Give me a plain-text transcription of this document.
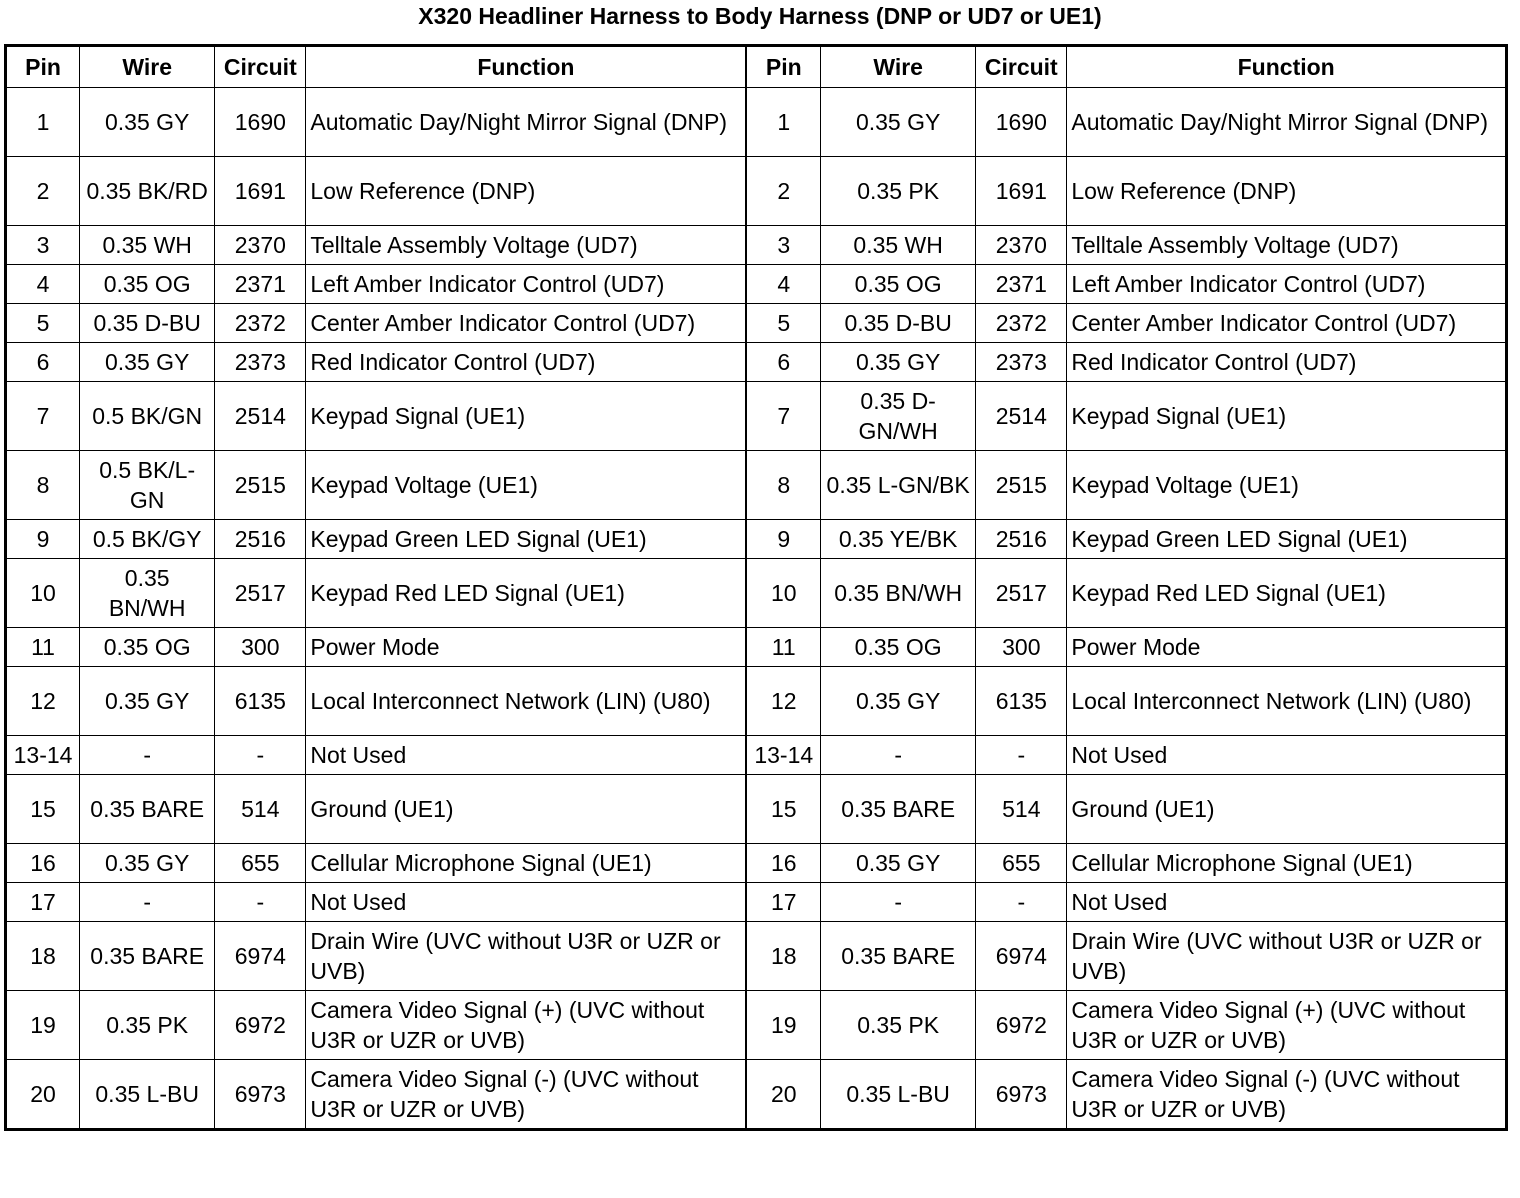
X320 Headliner Harness to Body Harness (DNP or UD7 or UE1)
Pin	Wire	Circuit	Function	Pin	Wire	Circuit	Function
1	0.35 GY	1690	Automatic Day/Night Mirror Signal (DNP)	1	0.35 GY	1690	Automatic Day/Night Mirror Signal (DNP)
2	0.35 BK/RD	1691	Low Reference (DNP)	2	0.35 PK	1691	Low Reference (DNP)
3	0.35 WH	2370	Telltale Assembly Voltage (UD7)	3	0.35 WH	2370	Telltale Assembly Voltage (UD7)
4	0.35 OG	2371	Left Amber Indicator Control (UD7)	4	0.35 OG	2371	Left Amber Indicator Control (UD7)
5	0.35 D-BU	2372	Center Amber Indicator Control (UD7)	5	0.35 D-BU	2372	Center Amber Indicator Control (UD7)
6	0.35 GY	2373	Red Indicator Control (UD7)	6	0.35 GY	2373	Red Indicator Control (UD7)
7	0.5 BK/GN	2514	Keypad Signal (UE1)	7	0.35 D-GN/WH	2514	Keypad Signal (UE1)
8	0.5 BK/L-GN	2515	Keypad Voltage (UE1)	8	0.35 L-GN/BK	2515	Keypad Voltage (UE1)
9	0.5 BK/GY	2516	Keypad Green LED Signal (UE1)	9	0.35 YE/BK	2516	Keypad Green LED Signal (UE1)
10	0.35 BN/WH	2517	Keypad Red LED Signal (UE1)	10	0.35 BN/WH	2517	Keypad Red LED Signal (UE1)
11	0.35 OG	300	Power Mode	11	0.35 OG	300	Power Mode
12	0.35 GY	6135	Local Interconnect Network (LIN) (U80)	12	0.35 GY	6135	Local Interconnect Network (LIN) (U80)
13-14	-	-	Not Used	13-14	-	-	Not Used
15	0.35 BARE	514	Ground (UE1)	15	0.35 BARE	514	Ground (UE1)
16	0.35 GY	655	Cellular Microphone Signal (UE1)	16	0.35 GY	655	Cellular Microphone Signal (UE1)
17	-	-	Not Used	17	-	-	Not Used
18	0.35 BARE	6974	Drain Wire (UVC without U3R or UZR or UVB)	18	0.35 BARE	6974	Drain Wire (UVC without U3R or UZR or UVB)
19	0.35 PK	6972	Camera Video Signal (+) (UVC without U3R or UZR or UVB)	19	0.35 PK	6972	Camera Video Signal (+) (UVC without U3R or UZR or UVB)
20	0.35 L-BU	6973	Camera Video Signal (-) (UVC without U3R or UZR or UVB)	20	0.35 L-BU	6973	Camera Video Signal (-) (UVC without U3R or UZR or UVB)
